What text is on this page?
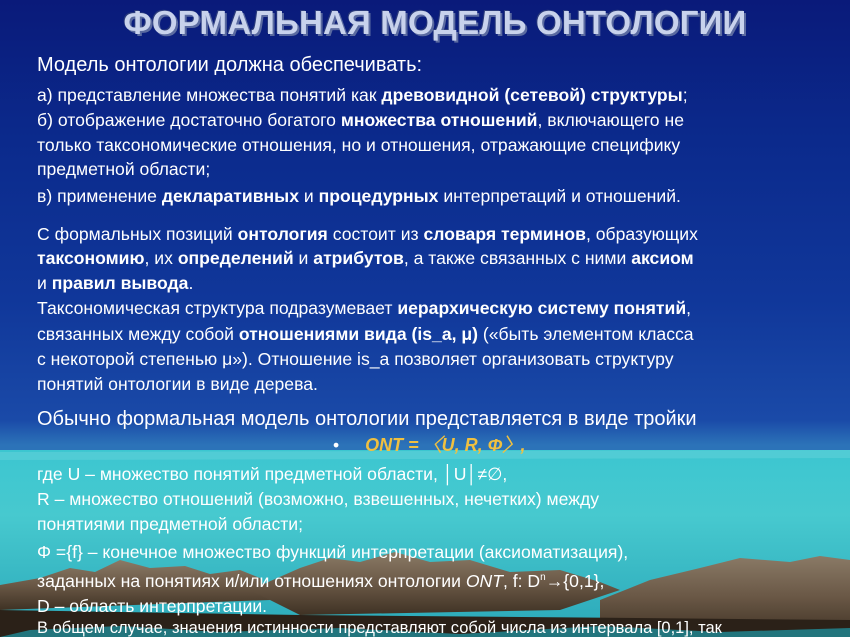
ФОРМАЛЬНАЯ МОДЕЛЬ ОНТОЛОГИИ
Модель онтологии должна обеспечивать:
а) представление множества понятий как древовидной (сетевой) структуры;
б) отображение достаточно богатого множества отношений, включающего не
только таксономические отношения, но и отношения, отражающие специфику
предметной области;
в) применение декларативных и процедурных интерпретаций и отношений.
С формальных позиций онтология состоит из словаря терминов, образующих
таксономию, их определений и атрибутов, а также связанных с ними аксиом
и правил вывода.
Таксономическая структура подразумевает иерархическую систему понятий,
связанных между собой отношениями вида (is_a, μ) («быть элементом класса
с некоторой степенью μ»). Отношение is_a позволяет организовать структуру
понятий онтологии в виде дерева.
Обычно формальная модель онтологии представляется в виде тройки
• ONT = 〈U, R, Φ〉,
где U – множество понятий предметной области, │U│≠∅,
R – множество отношений (возможно, взвешенных, нечетких) между
понятиями предметной области;
Φ ={f} – конечное множество функций интерпретации (аксиоматизация),
заданных на понятиях и/или отношениях онтологии ONT, f: $D^n\to\{0,1\}$,
D – область интерпретации.
В общем случае, значения истинности представляют собой числа из интервала [0,1], так
